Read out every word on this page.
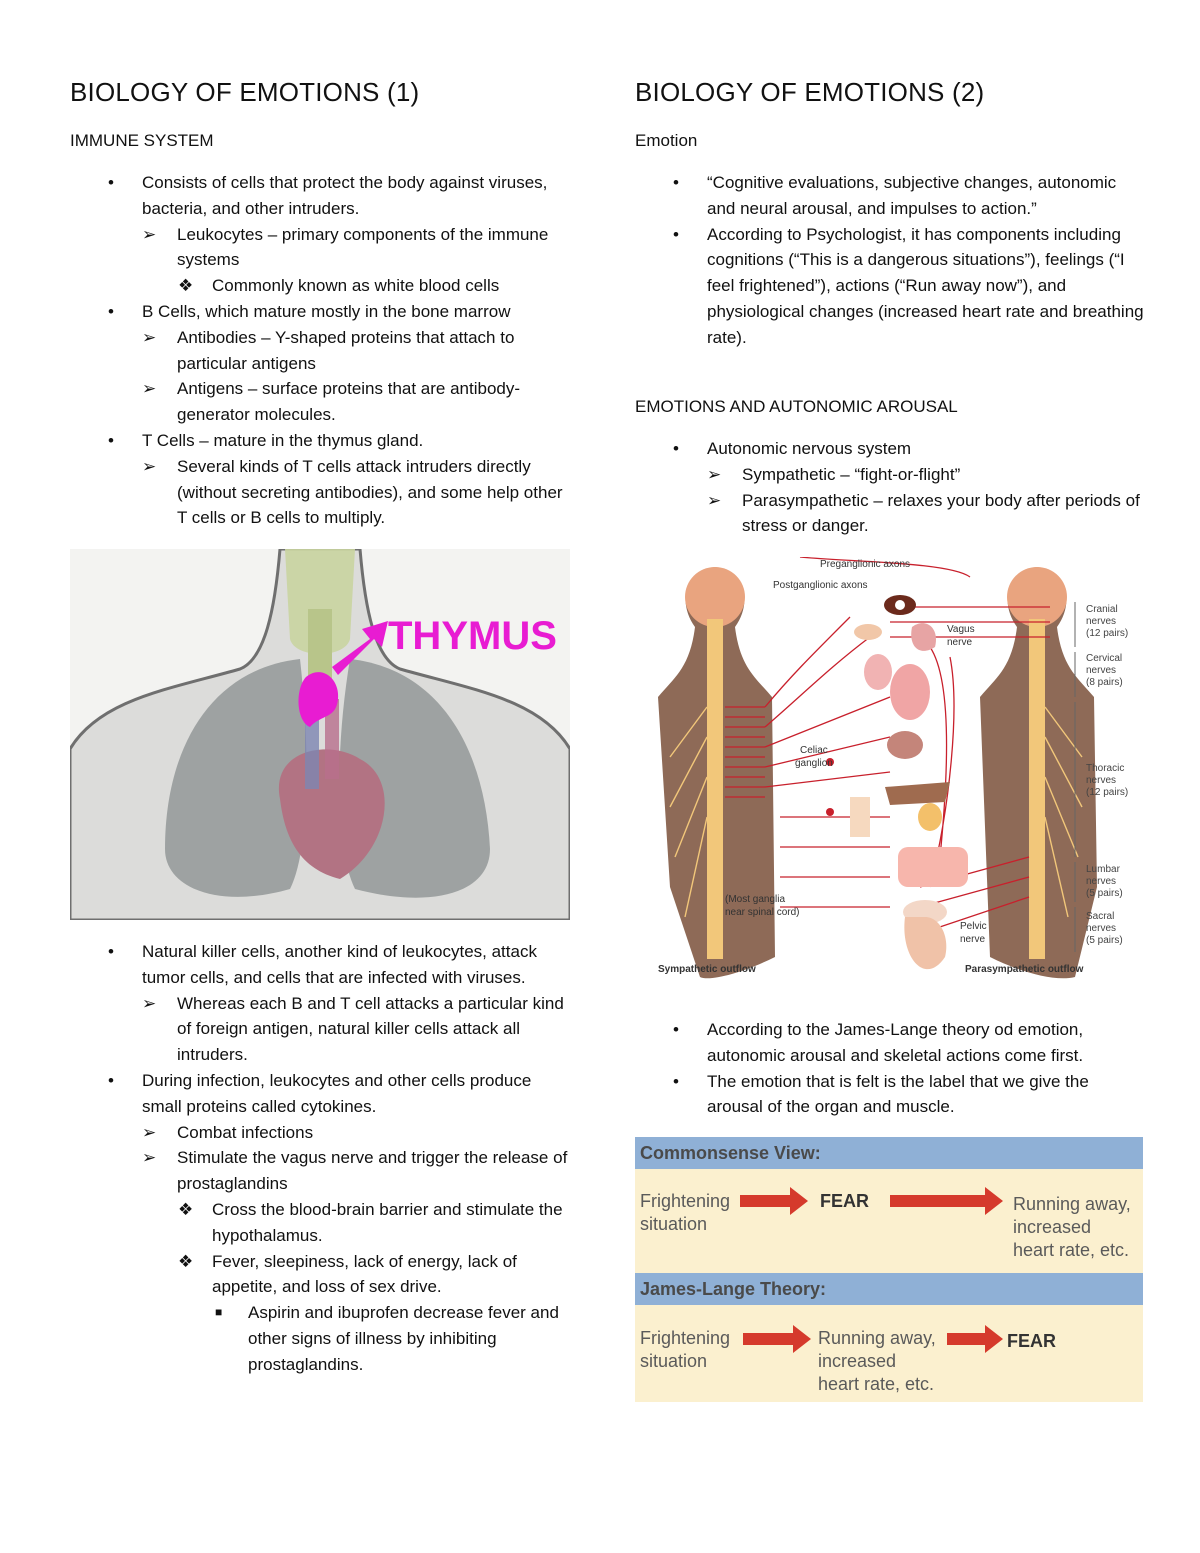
BIOLOGY OF EMOTIONS (1)
IMMUNE SYSTEM
• Consists of cells that protect the body against viruses, bacteria, and other intruders.
➢ Leukocytes – primary components of the immune systems
❖ Commonly known as white blood cells
• B Cells, which mature mostly in the bone marrow
➢ Antibodies – Y-shaped proteins that attach to particular antigens
➢ Antigens – surface proteins that are antibody-generator molecules.
• T Cells – mature in the thymus gland.
➢ Several kinds of T cells attack intruders directly (without secreting antibodies), and some help other T cells or B cells to multiply.
THYMUS
• Natural killer cells, another kind of leukocytes, attack tumor cells, and cells that are infected with viruses.
➢ Whereas each B and T cell attacks a particular kind of foreign antigen, natural killer cells attack all intruders.
• During infection, leukocytes and other cells produce small proteins called cytokines.
➢ Combat infections
➢ Stimulate the vagus nerve and trigger the release of prostaglandins
❖ Cross the blood-brain barrier and stimulate the hypothalamus.
❖ Fever, sleepiness, lack of energy, lack of appetite, and loss of sex drive.
■ Aspirin and ibuprofen decrease fever and other signs of illness by inhibiting prostaglandins.
BIOLOGY OF EMOTIONS (2)
Emotion
• “Cognitive evaluations, subjective changes, autonomic and neural arousal, and impulses to action.”
• According to Psychologist, it has components including cognitions (“This is a dangerous situations”), feelings (“I feel frightened”), actions (“Run away now”), and physiological changes (increased heart rate and breathing rate).
EMOTIONS AND AUTONOMIC AROUSAL
• Autonomic nervous system
➢ Sympathetic – “fight-or-flight”
➢ Parasympathetic – relaxes your body after periods of stress or danger.
Preganglionic axons
Postganglionic axons
Vagus
nerve
Celiac
ganglion
(Most ganglia
near spinal cord)
Pelvic
nerve
Sympathetic outflow	Parasympathetic outflow
Cranial
nerves
(12 pairs)
Cervical
nerves
(8 pairs)
Thoracic
nerves
(12 pairs)
Lumbar
nerves
(5 pairs)
Sacral
nerves
(5 pairs)
• According to the James-Lange theory od emotion, autonomic arousal and skeletal actions come first.
• The emotion that is felt is the label that we give the arousal of the organ and muscle.
Commonsense View:
Frightening
situation
FEAR	Running away,
increased
heart rate, etc.
James-Lange Theory:
Frightening
situation
Running away,
increased
heart rate, etc.
FEAR
